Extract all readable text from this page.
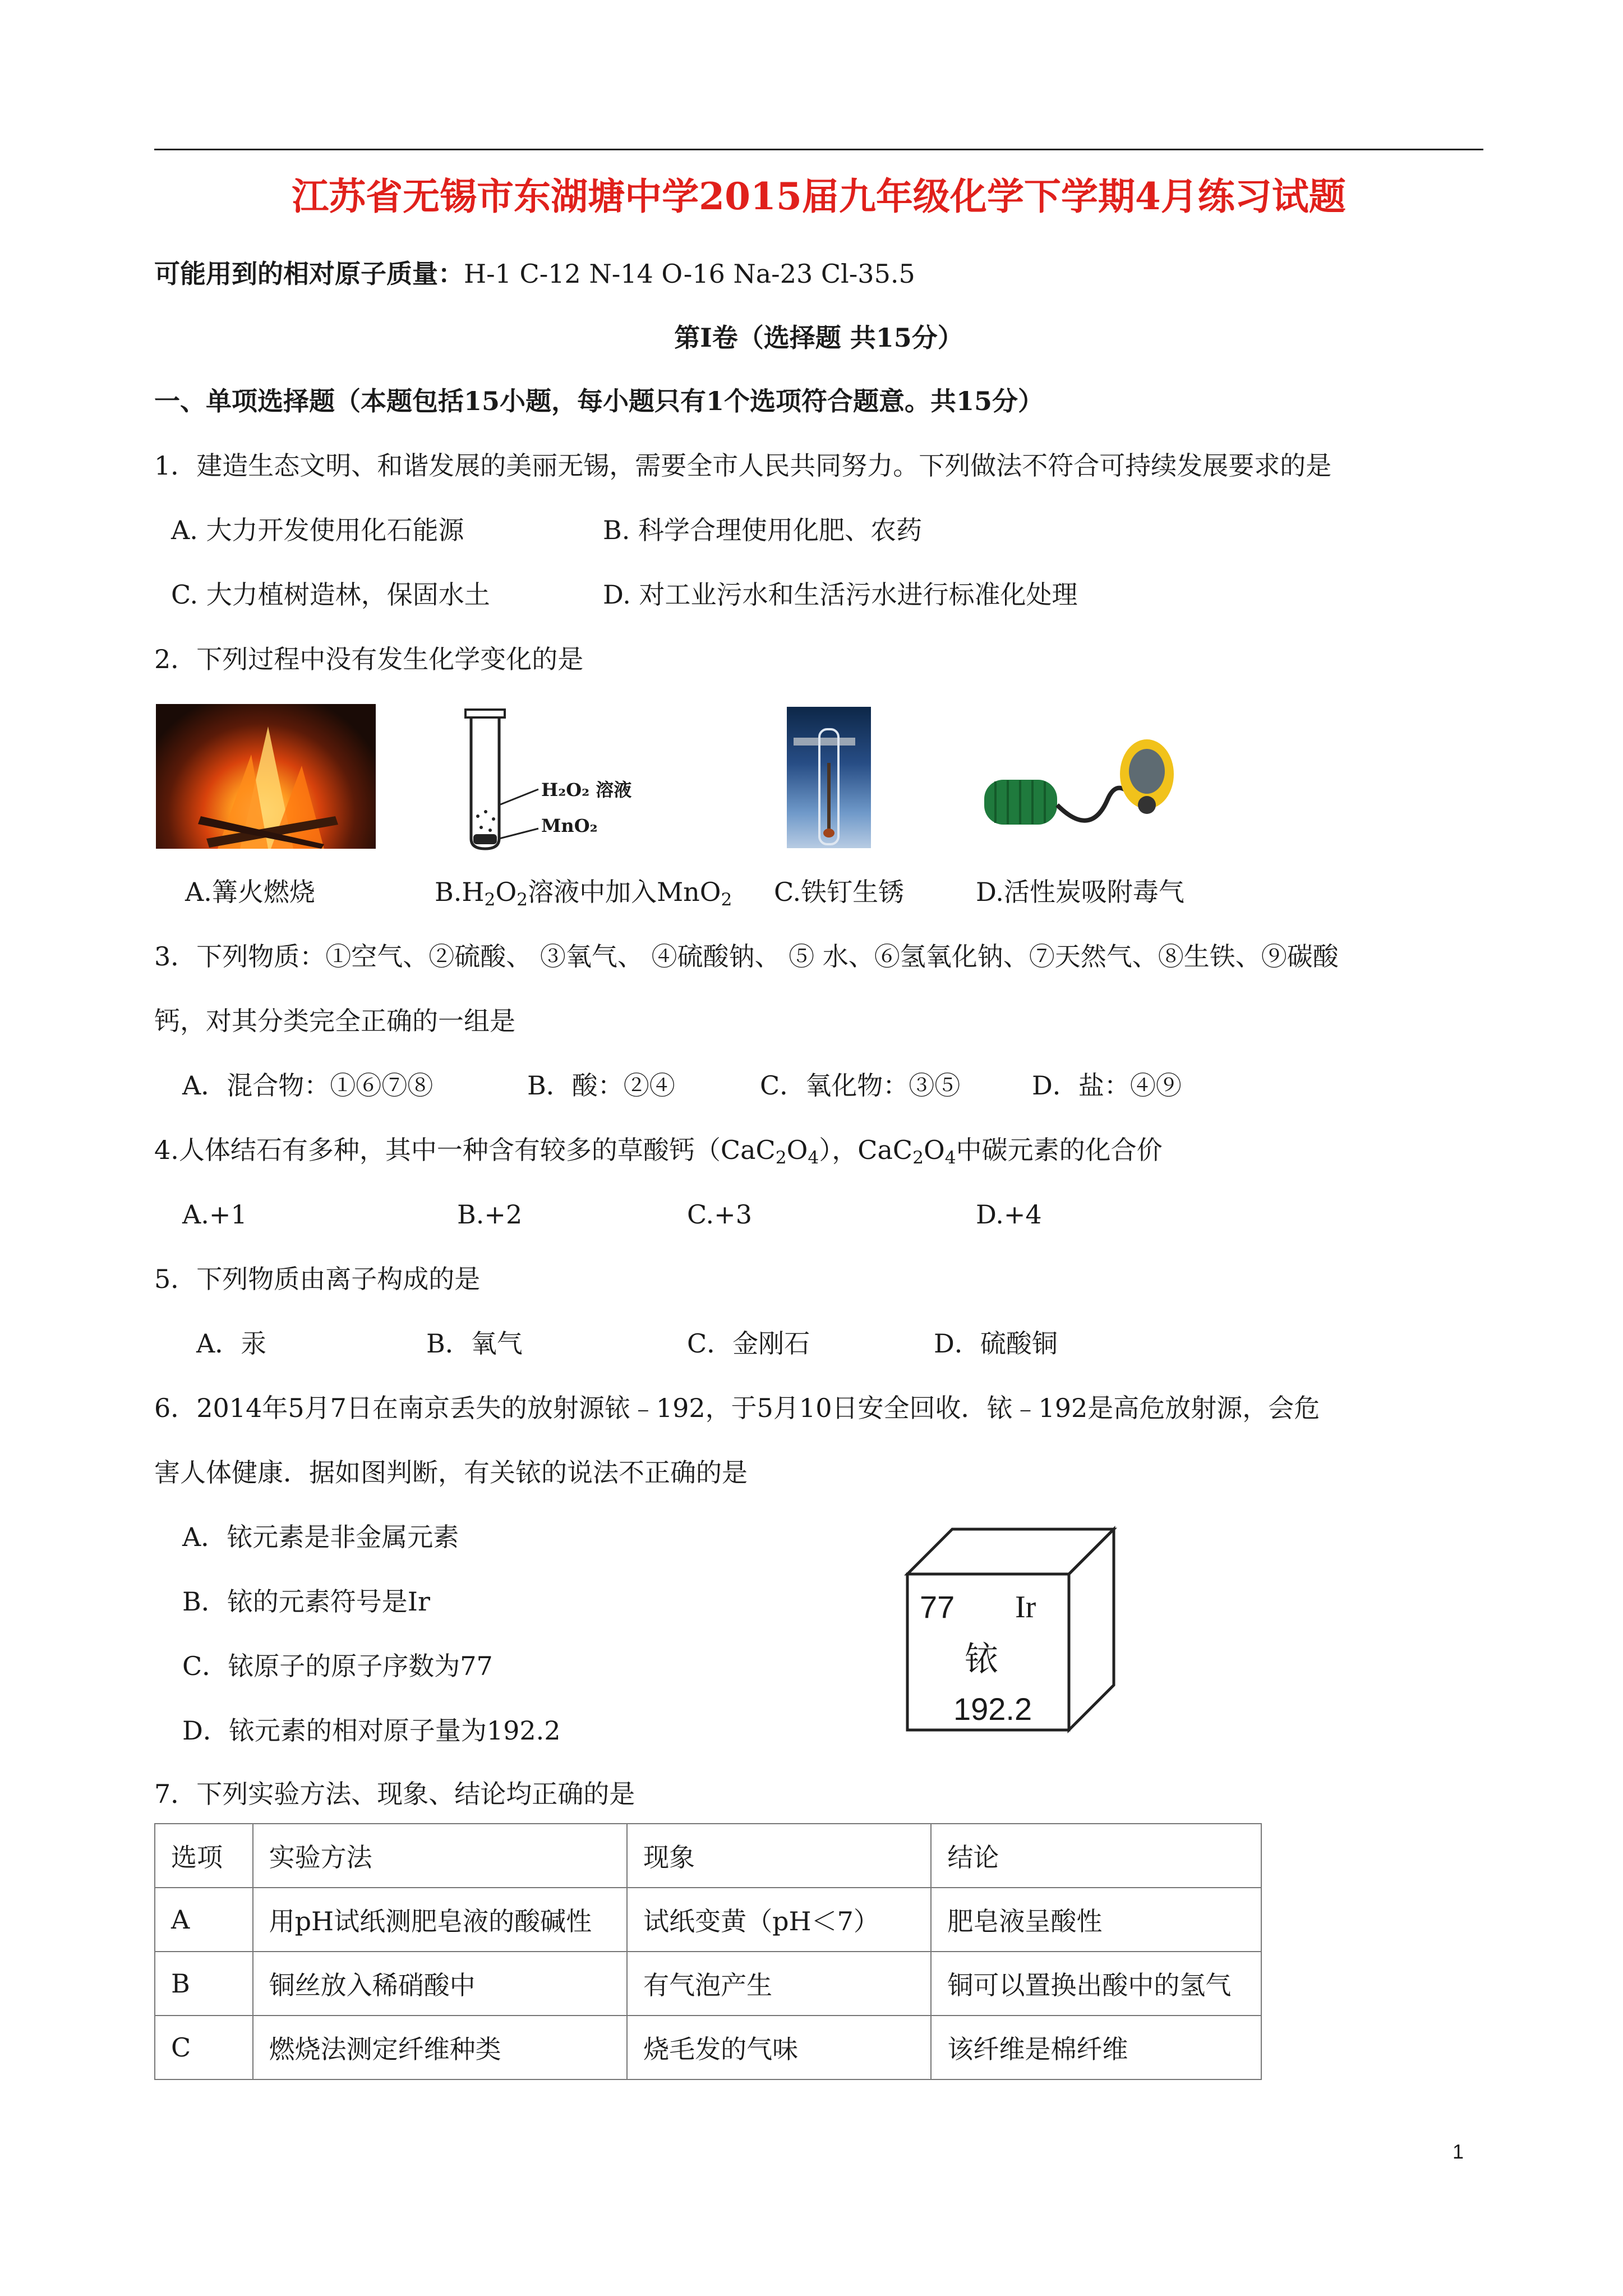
江苏省无锡市东湖塘中学2015届九年级化学下学期4月练习试题
可能用到的相对原子质量：H-1 C-12 N-14 O-16 Na-23 Cl-35.5
第Ⅰ卷（选择题 共15分）
一、单项选择题（本题包括15小题，每小题只有1个选项符合题意。共15分）
1．建造生态文明、和谐发展的美丽无锡，需要全市人民共同努力。下列做法不符合可持续发展要求的是
A. 大力开发使用化石能源	B. 科学合理使用化肥、农药
C. 大力植树造林，保固水土	D. 对工业污水和生活污水进行标准化处理
2．下列过程中没有发生化学变化的是
H₂O₂ 溶液
MnO₂
A.篝火燃烧	$B.H_2O_2$溶液中加入MnO$_2$ C.铁钉生锈	D.活性炭吸附毒气
3．下列物质：①空气、②硫酸、 ③氧气、 ④硫酸钠、 ⑤ 水、⑥氢氧化钠、⑦天然气、⑧生铁、⑨碳酸
钙，对其分类完全正确的一组是
A．混合物：①⑥⑦⑧	B．酸：②④	C．氧化物：③⑤	D．盐：④⑨
4.人体结石有多种，其中一种含有较多的草酸钙$(CaC_2O_4)$，$CaC_2O_4$中碳元素的化合价
A.+1	B.+2	C.+3	D.+4
5．下列物质由离子构成的是
A．汞	B．氧气	C．金刚石	D．硫酸铜
6．2014年5月7日在南京丢失的放射源铱﹣192，于5月10日安全回收．铱﹣192是高危放射源，会危
害人体健康．据如图判断，有关铱的说法不正确的是
A．铱元素是非金属元素
B．铱的元素符号是Ir
C．铱原子的原子序数为77
D．铱元素的相对原子量为192.2
77 Ir
铱
192.2
7．下列实验方法、现象、结论均正确的是
选项	实验方法	现象	结论
A	用pH试纸测肥皂液的酸碱性	试纸变黄（pH＜7）	肥皂液呈酸性
B	铜丝放入稀硝酸中	有气泡产生	铜可以置换出酸中的氢气
C	燃烧法测定纤维种类	烧毛发的气味	该纤维是棉纤维
1
